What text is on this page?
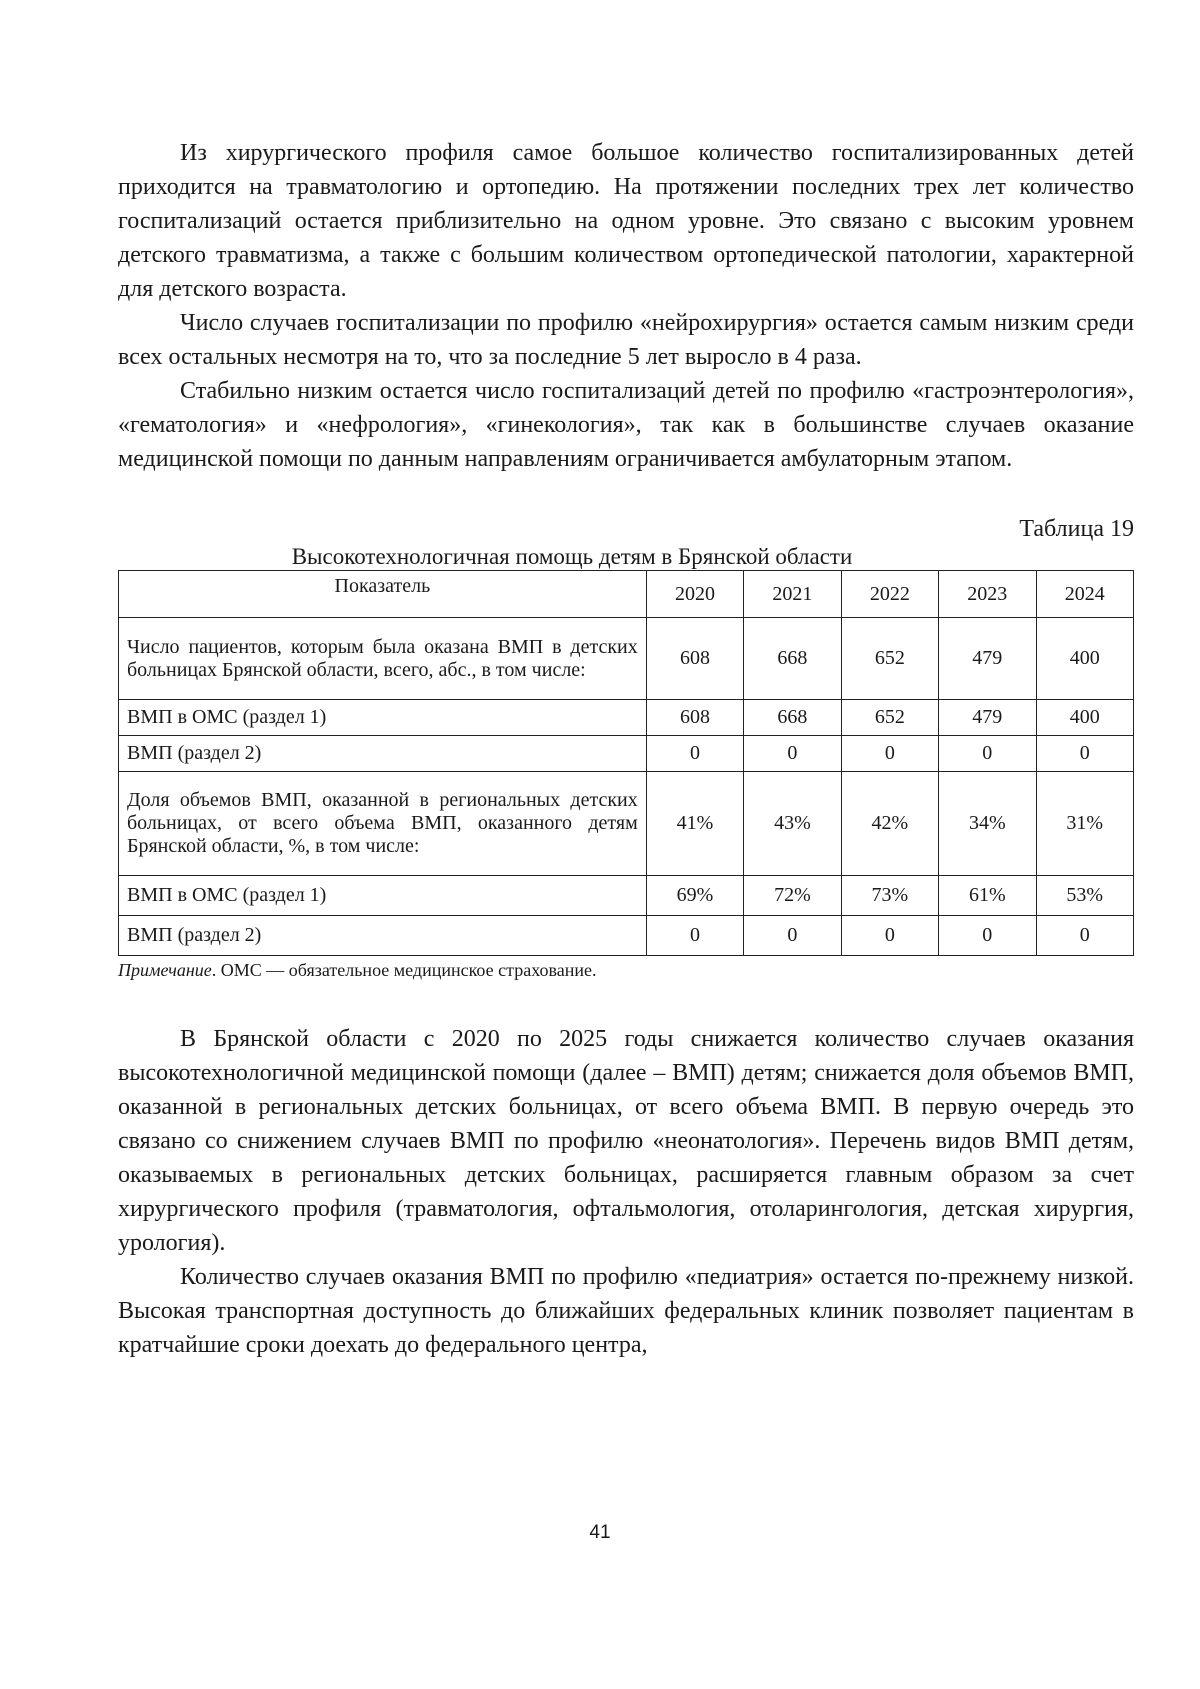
Из хирургического профиля самое большое количество госпитализированных детей приходится на травматологию и ортопедию. На протяжении последних трех лет количество госпитализаций остается приблизительно на одном уровне. Это связано с высоким уровнем детского травматизма, а также с большим количеством ортопедической патологии, характерной для детского возраста.

Число случаев госпитализации по профилю «нейрохирургия» остается самым низким среди всех остальных несмотря на то, что за последние 5 лет выросло в 4 раза.

Стабильно низким остается число госпитализаций детей по профилю «гастроэнтерология», «гематология» и «нефрология», «гинекология», так как в большинстве случаев оказание медицинской помощи по данным направлениям ограничивается амбулаторным этапом.

Таблица 19

Высокотехнологичная помощь детям в Брянской области

Показатель	2020	2021	2022	2023	2024
Число пациентов, которым была оказана ВМП в детских больницах Брянской области, всего, абс., в том числе:	608	668	652	479	400
ВМП в ОМС (раздел 1)	608	668	652	479	400
ВМП (раздел 2)	0	0	0	0	0
Доля объемов ВМП, оказанной в региональных детских больницах, от всего объема ВМП, оказанного детям Брянской области, %, в том числе:	41%	43%	42%	34%	31%
ВМП в ОМС (раздел 1)	69%	72%	73%	61%	53%
ВМП (раздел 2)	0	0	0	0	0

Примечание. ОМС — обязательное медицинское страхование.

В Брянской области с 2020 по 2025 годы снижается количество случаев оказания высокотехнологичной медицинской помощи (далее – ВМП) детям; снижается доля объемов ВМП, оказанной в региональных детских больницах, от всего объема ВМП. В первую очередь это связано со снижением случаев ВМП по профилю «неонатология». Перечень видов ВМП детям, оказываемых в региональных детских больницах, расширяется главным образом за счет хирургического профиля (травматология, офтальмология, отоларингология, детская хирургия, урология).

Количество случаев оказания ВМП по профилю «педиатрия» остается по-прежнему низкой. Высокая транспортная доступность до ближайших федеральных клиник позволяет пациентам в кратчайшие сроки доехать до федерального центра,

41
